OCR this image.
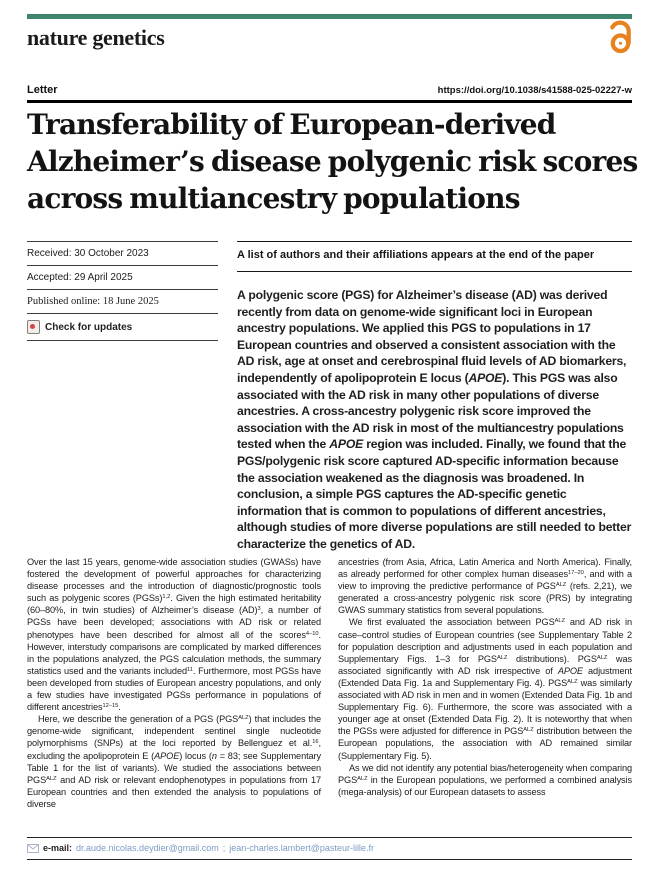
nature genetics
Letter	https://doi.org/10.1038/s41588-025-02227-w
Transferability of European-derived
Alzheimer’s disease polygenic risk scores
across multiancestry populations
Received: 30 October 2023
Accepted: 29 April 2025
Published online: 18 June 2025
Check for updates
A list of authors and their affiliations appears at the end of the paper

A polygenic score (PGS) for Alzheimer’s disease (AD) was derived recently from data on genome-wide significant loci in European ancestry populations. We applied this PGS to populations in 17 European countries and observed a consistent association with the AD risk, age at onset and cerebrospinal fluid levels of AD biomarkers, independently of apolipoprotein E locus (APOE). This PGS was also associated with the AD risk in many other populations of diverse ancestries. A cross-ancestry polygenic risk score improved the association with the AD risk in most of the multiancestry populations tested when the APOE region was included. Finally, we found that the PGS/polygenic risk score captured AD-specific information because the association weakened as the diagnosis was broadened. In conclusion, a simple PGS captures the AD-specific genetic information that is common to populations of different ancestries, although studies of more diverse populations are still needed to better characterize the genetics of AD.

Over the last 15 years, genome-wide association studies (GWASs) have fostered the development of powerful approaches for characterizing disease processes and the introduction of diagnostic/prognostic tools such as polygenic scores (PGSs)$^{1,2}$. Given the high estimated heritability (60–80%, in twin studies) of Alzheimer’s disease (AD)$^3$, a number of PGSs have been developed; associations with AD risk or related phenotypes have been described for almost all of the scores$^{4-10}$. However, interstudy comparisons are complicated by marked differences in the populations analyzed, the PGS calculation methods, the summary statistics used and the variants included$^{11}$. Furthermore, most PGSs have been developed from studies of European ancestry populations, and only a few studies have investigated PGSs performance in populations of different ancestries$^{12-15}$.

Here, we describe the generation of a PGS $(PGS^{ALZ})$ that includes the genome-wide significant, independent sentinel single nucleotide polymorphisms (SNPs) at the loci reported by Bellenguez et al.$^{16}$, excluding the apolipoprotein E (APOE) locus (n = 83; see Supplementary Table 1 for the list of variants). We studied the associations between $PGS^{ALZ}$ and AD risk or relevant endophenotypes in populations from 17 European countries and then extended the analysis to populations of diverse

ancestries (from Asia, Africa, Latin America and North America). Finally, as already performed for other complex human diseases$^{17-20}$, and with a view to improving the predictive performance of $PGS^{ALZ}$ (refs. 2,21), we generated a cross-ancestry polygenic risk score (PRS) by integrating GWAS summary statistics from several populations.

We first evaluated the association between $PGS^{ALZ}$ and AD risk in case–control studies of European countries (see Supplementary Table 2 for population description and adjustments used in each population and Supplementary Figs. 1–3 for $PGS^{ALZ}$ distributions). $PGS^{ALZ}$ was associated significantly with AD risk irrespective of APOE adjustment (Extended Data Fig. 1a and Supplementary Fig. 4). $PGS^{ALZ}$ was similarly associated with AD risk in men and in women (Extended Data Fig. 1b and Supplementary Fig. 6). Furthermore, the score was associated with a younger age at onset (Extended Data Fig. 2). It is noteworthy that when the PGSs were adjusted for difference in $PGS^{ALZ}$ distribution between the European populations, the association with AD remained similar (Supplementary Fig. 5).

As we did not identify any potential bias/heterogeneity when comparing $PGS^{ALZ}$ in the European populations, we performed a combined analysis (mega-analysis) of our European datasets to assess

e-mail: dr.aude.nicolas.deydier@gmail.com ; jean-charles.lambert@pasteur-lille.fr
